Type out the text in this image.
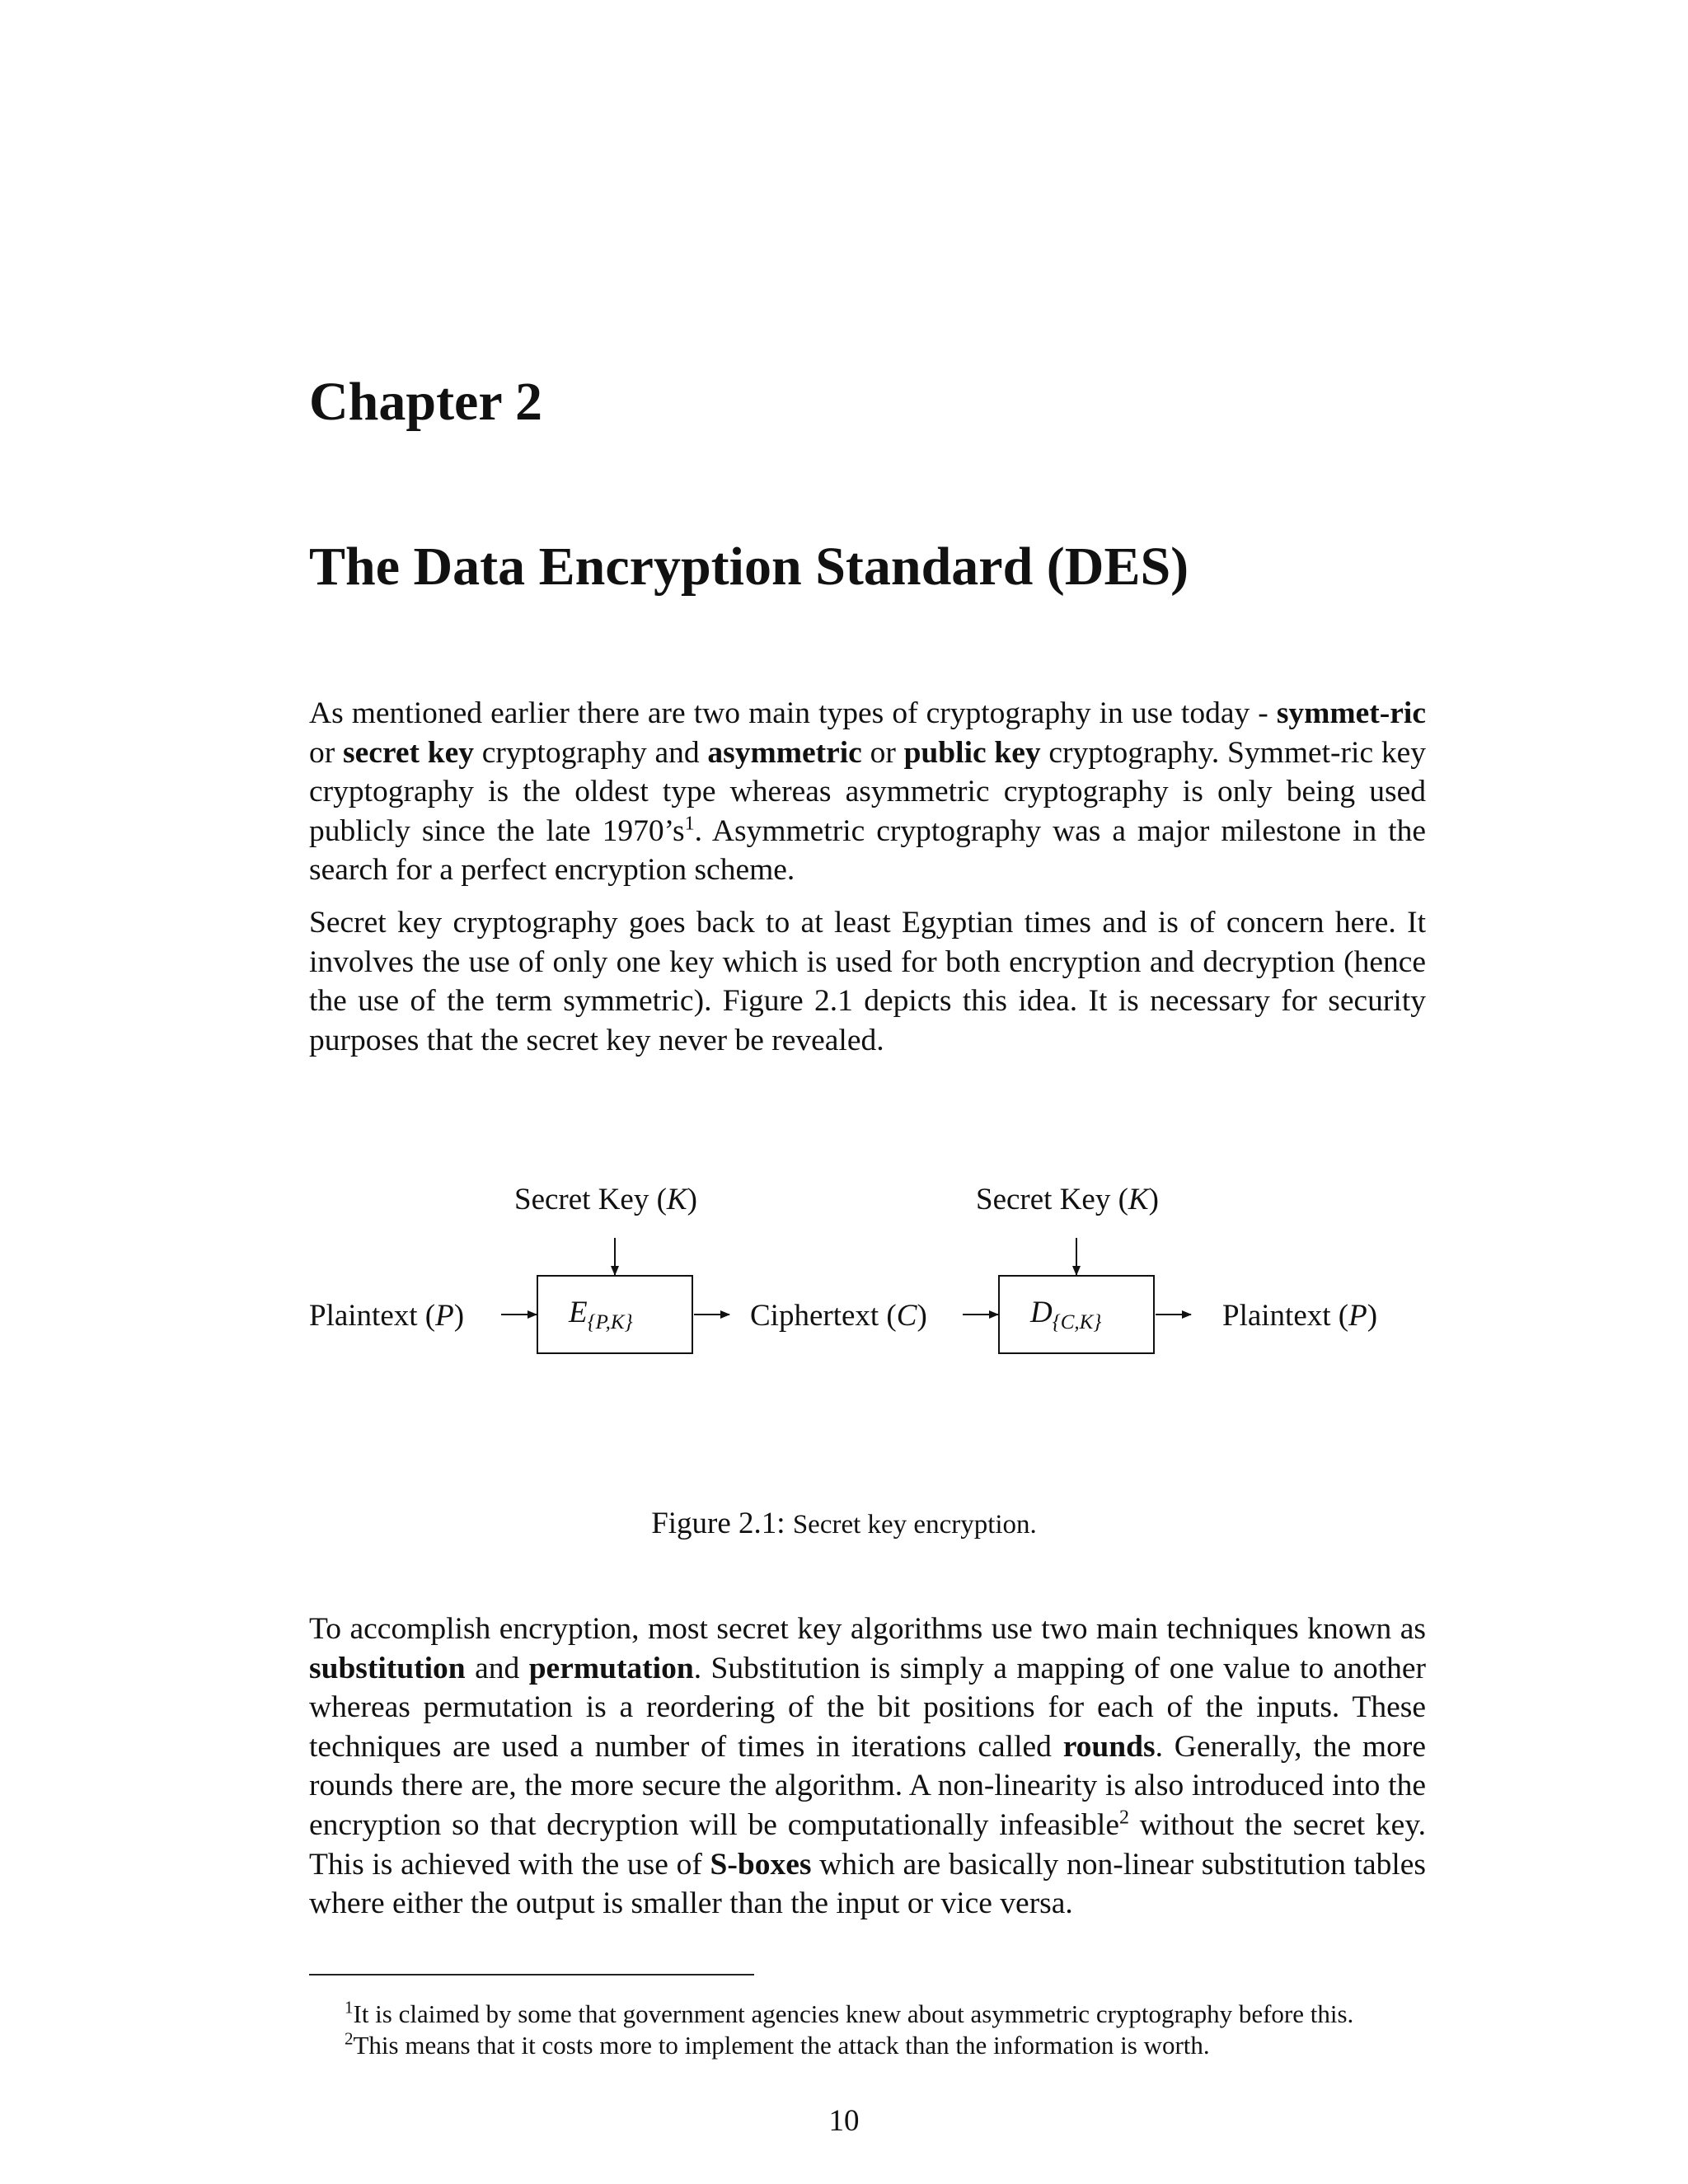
Chapter 2
The Data Encryption Standard (DES)

As mentioned earlier there are two main types of cryptography in use today - symmet-ric or secret key cryptography and asymmetric or public key cryptography. Symmet-ric key cryptography is the oldest type whereas asymmetric cryptography is only being used publicly since the late $1970’s^1$. Asymmetric cryptography was a major milestone in the search for a perfect encryption scheme.

Secret key cryptography goes back to at least Egyptian times and is of concern here. It involves the use of only one key which is used for both encryption and decryption (hence the use of the term symmetric). Figure 2.1 depicts this idea. It is necessary for security purposes that the secret key never be revealed.

Secret Key (K)	Secret Key (K)
Plaintext (P)	$E_{\{P,K\}}$	Ciphertext (C)	$D_{\{C,K\}}$	Plaintext (P)
Figure 2.1: Secret key encryption.

To accomplish encryption, most secret key algorithms use two main techniques known as substitution and permutation. Substitution is simply a mapping of one value to another whereas permutation is a reordering of the bit positions for each of the inputs. These techniques are used a number of times in iterations called rounds. Generally, the more rounds there are, the more secure the algorithm. A non-linearity is also introduced into the encryption so that decryption will be computationally infeasible$^2$ without the secret key. This is achieved with the use of S-boxes which are basically non-linear substitution tables where either the output is smaller than the input or vice versa.

$^1$It is claimed by some that government agencies knew about asymmetric cryptography before this.
$^2$This means that it costs more to implement the attack than the information is worth.
10
